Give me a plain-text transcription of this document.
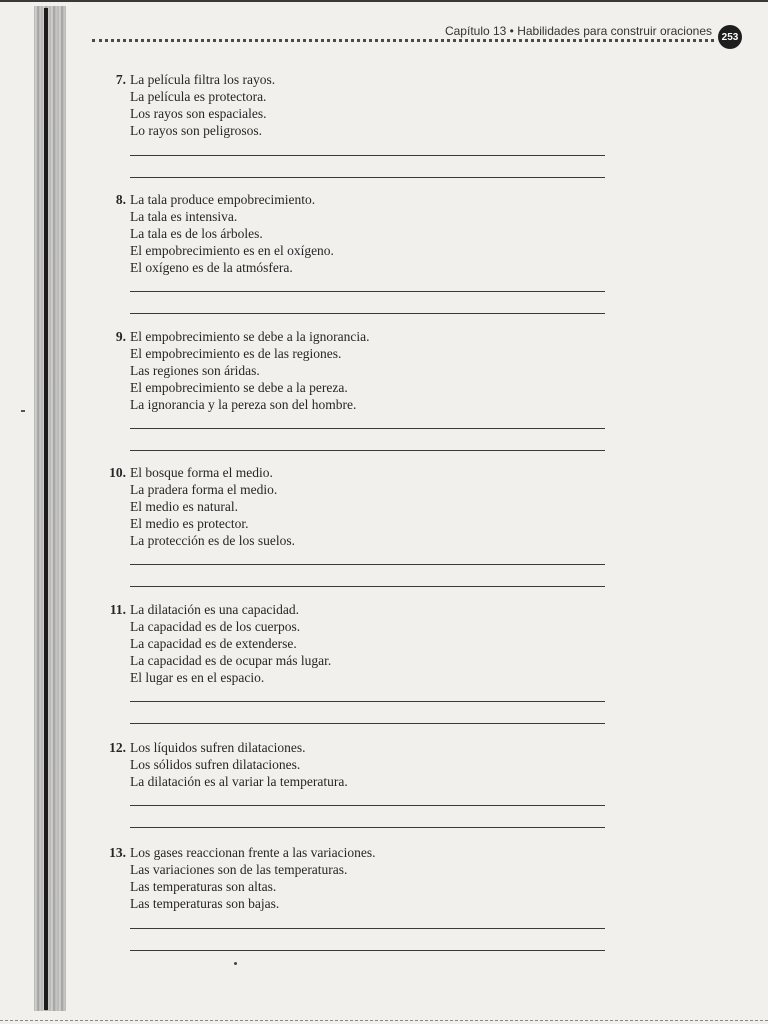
Capítulo 13 • Habilidades para construir oraciones 253
7. La película filtra los rayos.
La película es protectora.
Los rayos son espaciales.
Lo rayos son peligrosos.
8. La tala produce empobrecimiento.
La tala es intensiva.
La tala es de los árboles.
El empobrecimiento es en el oxígeno.
El oxígeno es de la atmósfera.
9. El empobrecimiento se debe a la ignorancia.
El empobrecimiento es de las regiones.
Las regiones son áridas.
El empobrecimiento se debe a la pereza.
La ignorancia y la pereza son del hombre.
10. El bosque forma el medio.
La pradera forma el medio.
El medio es natural.
El medio es protector.
La protección es de los suelos.
11. La dilatación es una capacidad.
La capacidad es de los cuerpos.
La capacidad es de extenderse.
La capacidad es de ocupar más lugar.
El lugar es en el espacio.
12. Los líquidos sufren dilataciones.
Los sólidos sufren dilataciones.
La dilatación es al variar la temperatura.
13. Los gases reaccionan frente a las variaciones.
Las variaciones son de las temperaturas.
Las temperaturas son altas.
Las temperaturas son bajas.
